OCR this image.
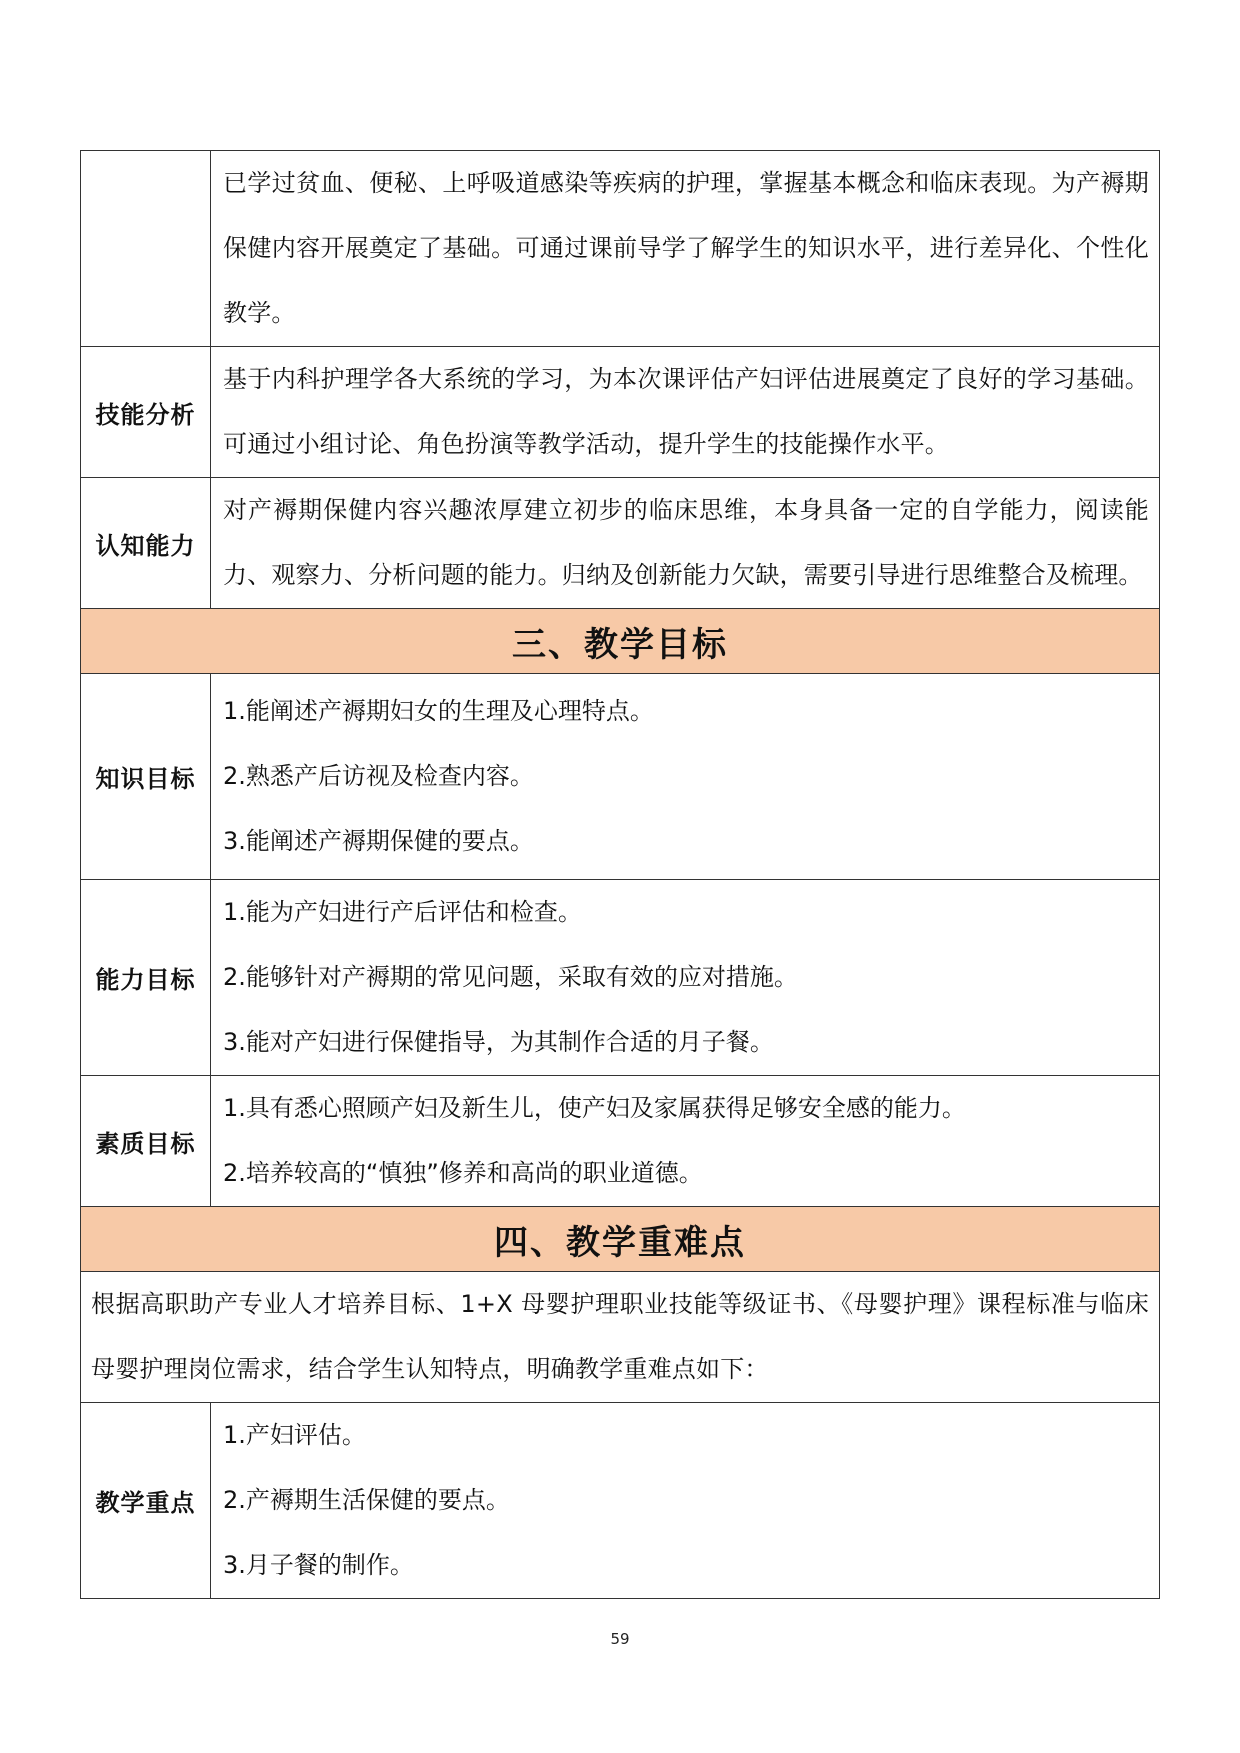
	已学过贫血、便秘、上呼吸道感染等疾病的护理，掌握基本概念和临床表现。为产褥期保健内容开展奠定了基础。可通过课前导学了解学生的知识水平，进行差异化、个性化教学。

技能分析	基于内科护理学各大系统的学习，为本次课评估产妇评估进展奠定了良好的学习基础。可通过小组讨论、角色扮演等教学活动，提升学生的技能操作水平。

认知能力	对产褥期保健内容兴趣浓厚建立初步的临床思维，本身具备一定的自学能力，阅读能力、观察力、分析问题的能力。归纳及创新能力欠缺，需要引导进行思维整合及梳理。

三、教学目标	
知识目标	1.能阐述产褥期妇女的生理及心理特点。

2.熟悉产后访视及检查内容。

3.能阐述产褥期保健的要点。

能力目标	1.能为产妇进行产后评估和检查。

2.能够针对产褥期的常见问题，采取有效的应对措施。

3.能对产妇进行保健指导，为其制作合适的月子餐。

素质目标	1.具有悉心照顾产妇及新生儿，使产妇及家属获得足够安全感的能力。

2.培养较高的“慎独”修养和高尚的职业道德。

四、教学重难点	

根据高职助产专业人才培养目标、1+X 母婴护理职业技能等级证书、《母婴护理》课程标准与临床母婴护理岗位需求，结合学生认知特点，明确教学重难点如下：	

教学重点	1.产妇评估。

2.产褥期生活保健的要点。

3.月子餐的制作。

59
